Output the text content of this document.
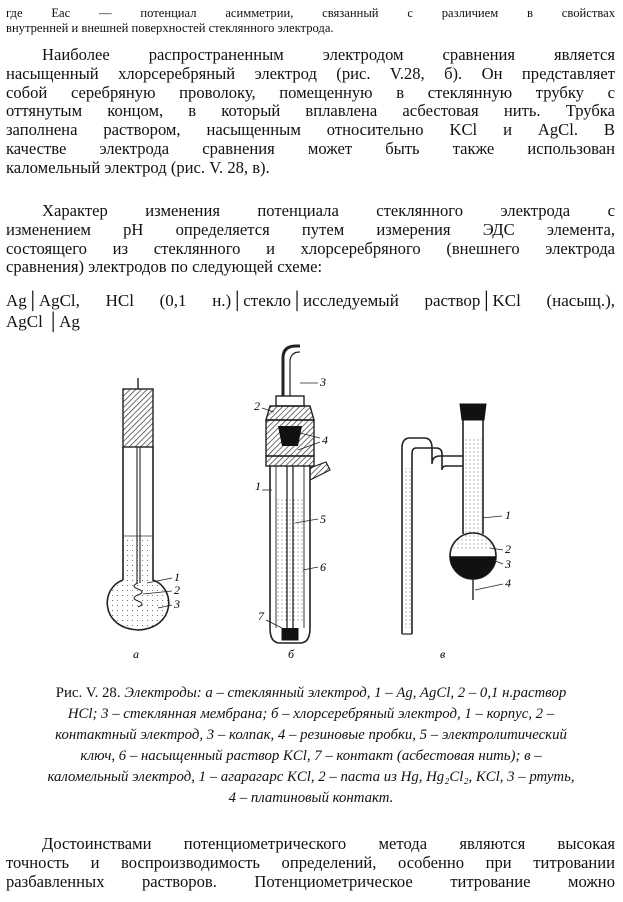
где Eас — потенциал асимметрии, связанный с различием в свойствах
внутренней и внешней поверхностей стеклянного электрода.
Наиболее распространенным электродом сравнения является
насыщенный хлорсеребряный электрод (рис. V.28, б). Он представляет
собой серебряную проволоку, помещенную в стеклянную трубку с
оттянутым концом, в который вплавлена асбестовая нить. Трубка
заполнена раствором, насыщенным относительно KCl и AgCl. В
качестве электрода сравнения может быть также использован
каломельный электрод (рис. V. 28, в).
Характер изменения потенциала стеклянного электрода с
изменением pH определяется путем измерения ЭДС элемента,
состоящего из стеклянного и хлорсеребряного (внешнего электрода
сравнения) электродов по следующей схеме:
Ag│AgCl, HCl (0,1 н.)│стекло│исследуемый раствор│KCl (насыщ.),
AgCl │Ag
1
2
3
а
1
2
3
4
5
6
7
б
1
2
3
4
в
Рис. V. 28. Электроды: а – стеклянный электрод, 1 – Ag, AgCl, 2 – 0,1 н.раствор
HCl; 3 – стеклянная мембрана; б – хлорсеребряный электрод, 1 – корпус, 2 –
контактный электрод, 3 – колпак, 4 – резиновые пробки, 5 – электролитический
ключ, 6 – насыщенный раствор KCl, 7 – контакт (асбестовая нить); в –
каломельный электрод, 1 – агарагарс KCl, 2 – паста из Hg, Hg₂Cl₂, KCl, 3 – ртуть,
4 – платиновый контакт.
Достоинствами потенциометрического метода являются высокая
точность и воспроизводимость определений, особенно при титровании
разбавленных растворов. Потенциометрическое титрование можно
